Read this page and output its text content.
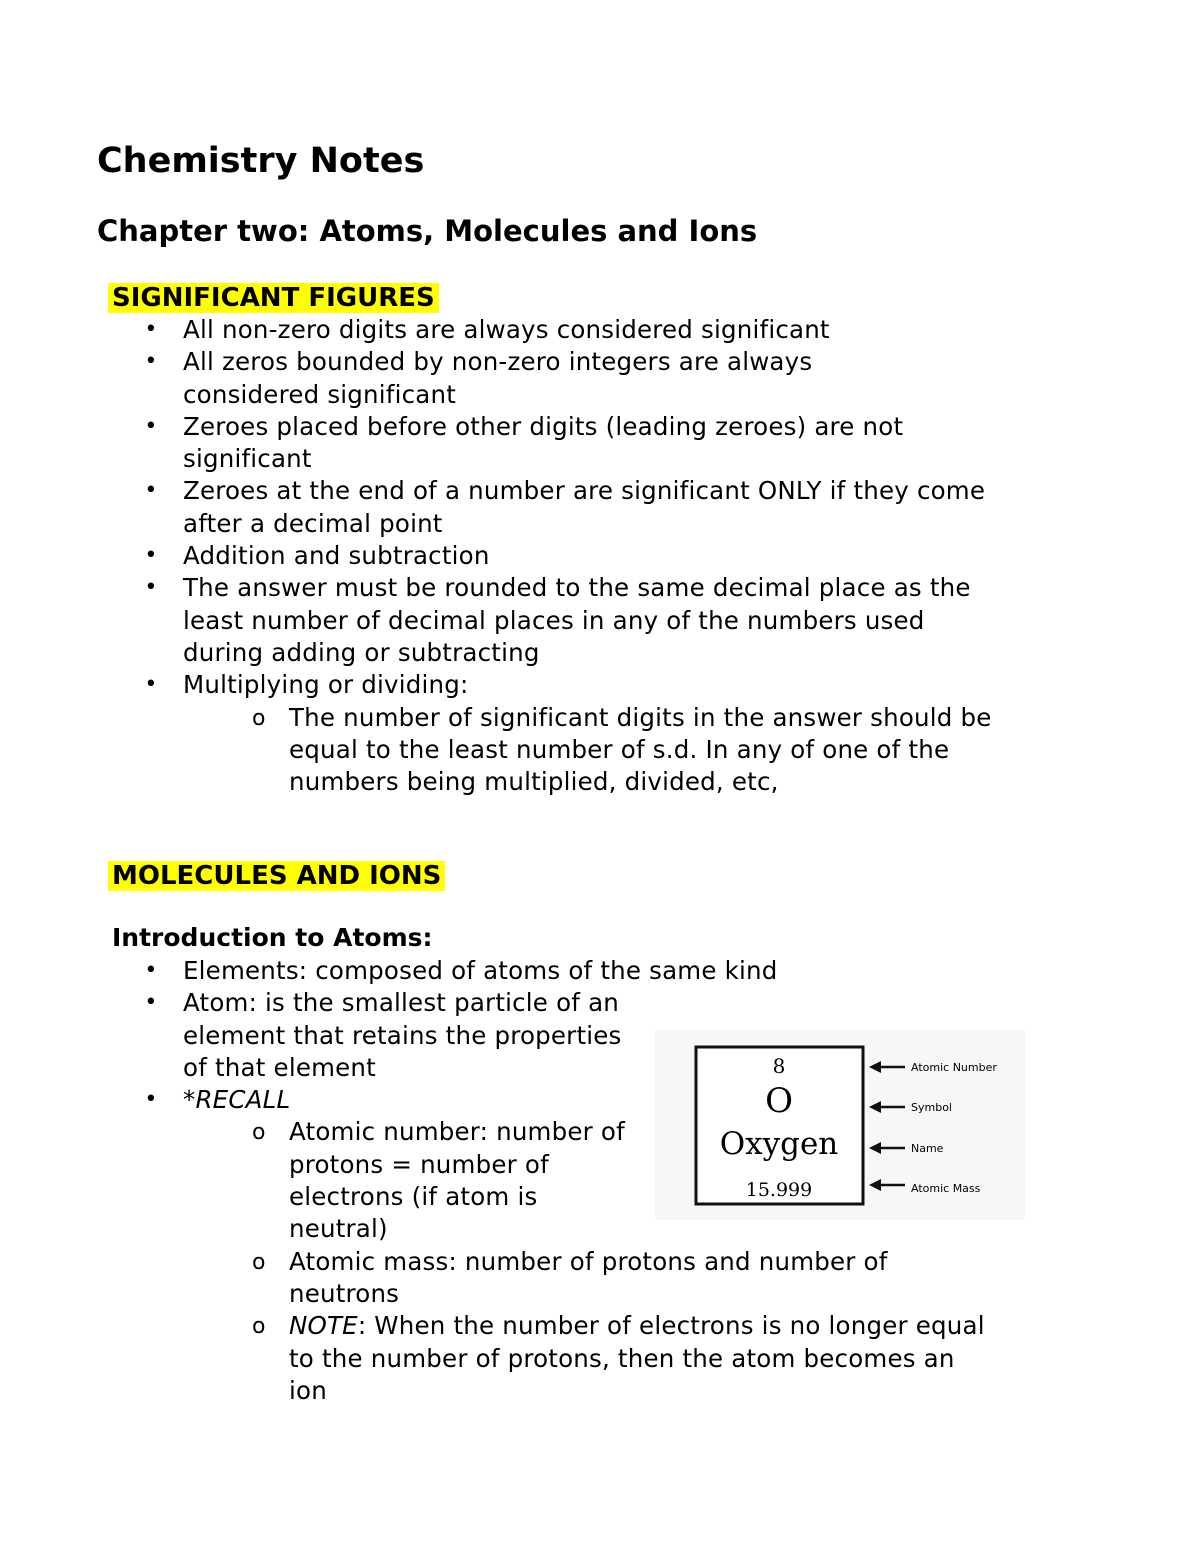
Chemistry Notes
Chapter two: Atoms, Molecules and Ions
SIGNIFICANT FIGURES
• All non-zero digits are always considered significant
• All zeros bounded by non-zero integers are always considered significant
• Zeroes placed before other digits (leading zeroes) are not significant
• Zeroes at the end of a number are significant ONLY if they come after a decimal point
• Addition and subtraction
• The answer must be rounded to the same decimal place as the least number of decimal places in any of the numbers used during adding or subtracting
• Multiplying or dividing:
o The number of significant digits in the answer should be equal to the least number of s.d. In any of one of the numbers being multiplied, divided, etc,
MOLECULES AND IONS
Introduction to Atoms:
• Elements: composed of atoms of the same kind
• Atom: is the smallest particle of an element that retains the properties of that element
• *RECALL
o Atomic number: number of protons = number of electrons (if atom is neutral)
o Atomic mass: number of protons and number of neutrons
o NOTE: When the number of electrons is no longer equal to the number of protons, then the atom becomes an ion
8
O
Oxygen
15.999
Atomic Number
Symbol
Name
Atomic Mass
